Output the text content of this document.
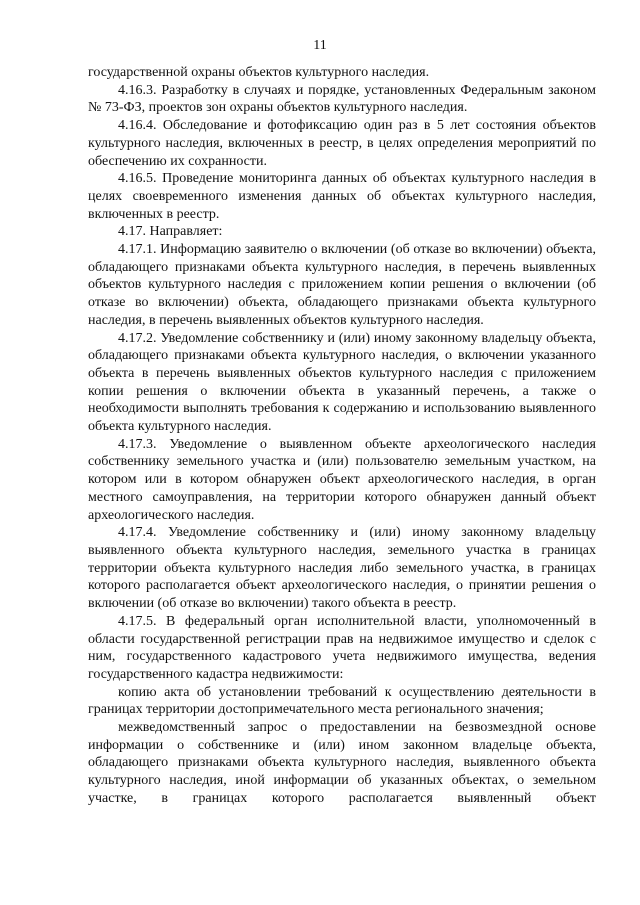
11

государственной охраны объектов культурного наследия.

4.16.3. Разработку в случаях и порядке, установленных Федеральным законом № 73-ФЗ, проектов зон охраны объектов культурного наследия.

4.16.4. Обследование и фотофиксацию один раз в 5 лет состояния объектов культурного наследия, включенных в реестр, в целях определения мероприятий по обеспечению их сохранности.

4.16.5. Проведение мониторинга данных об объектах культурного наследия в целях своевременного изменения данных об объектах культурного наследия, включенных в реестр.

4.17. Направляет:

4.17.1. Информацию заявителю о включении (об отказе во включении) объекта, обладающего признаками объекта культурного наследия, в перечень выявленных объектов культурного наследия с приложением копии решения о включении (об отказе во включении) объекта, обладающего признаками объекта культурного наследия, в перечень выявленных объектов культурного наследия.

4.17.2. Уведомление собственнику и (или) иному законному владельцу объекта, обладающего признаками объекта культурного наследия, о включении указанного объекта в перечень выявленных объектов культурного наследия с приложением копии решения о включении объекта в указанный перечень, а также о необходимости выполнять требования к содержанию и использованию выявленного объекта культурного наследия.

4.17.3. Уведомление о выявленном объекте археологического наследия собственнику земельного участка и (или) пользователю земельным участком, на котором или в котором обнаружен объект археологического наследия, в орган местного самоуправления, на территории которого обнаружен данный объект археологического наследия.

4.17.4. Уведомление собственнику и (или) иному законному владельцу выявленного объекта культурного наследия, земельного участка в границах территории объекта культурного наследия либо земельного участка, в границах которого располагается объект археологического наследия, о принятии решения о включении (об отказе во включении) такого объекта в реестр.

4.17.5. В федеральный орган исполнительной власти, уполномоченный в области государственной регистрации прав на недвижимое имущество и сделок с ним, государственного кадастрового учета недвижимого имущества, ведения государственного кадастра недвижимости:

копию акта об установлении требований к осуществлению деятельности в границах территории достопримечательного места регионального значения;

межведомственный запрос о предоставлении на безвозмездной основе информации о собственнике и (или) ином законном владельце объекта, обладающего признаками объекта культурного наследия, выявленного объекта культурного наследия, иной информации об указанных объектах, о земельном участке, в границах которого располагается выявленный объект
